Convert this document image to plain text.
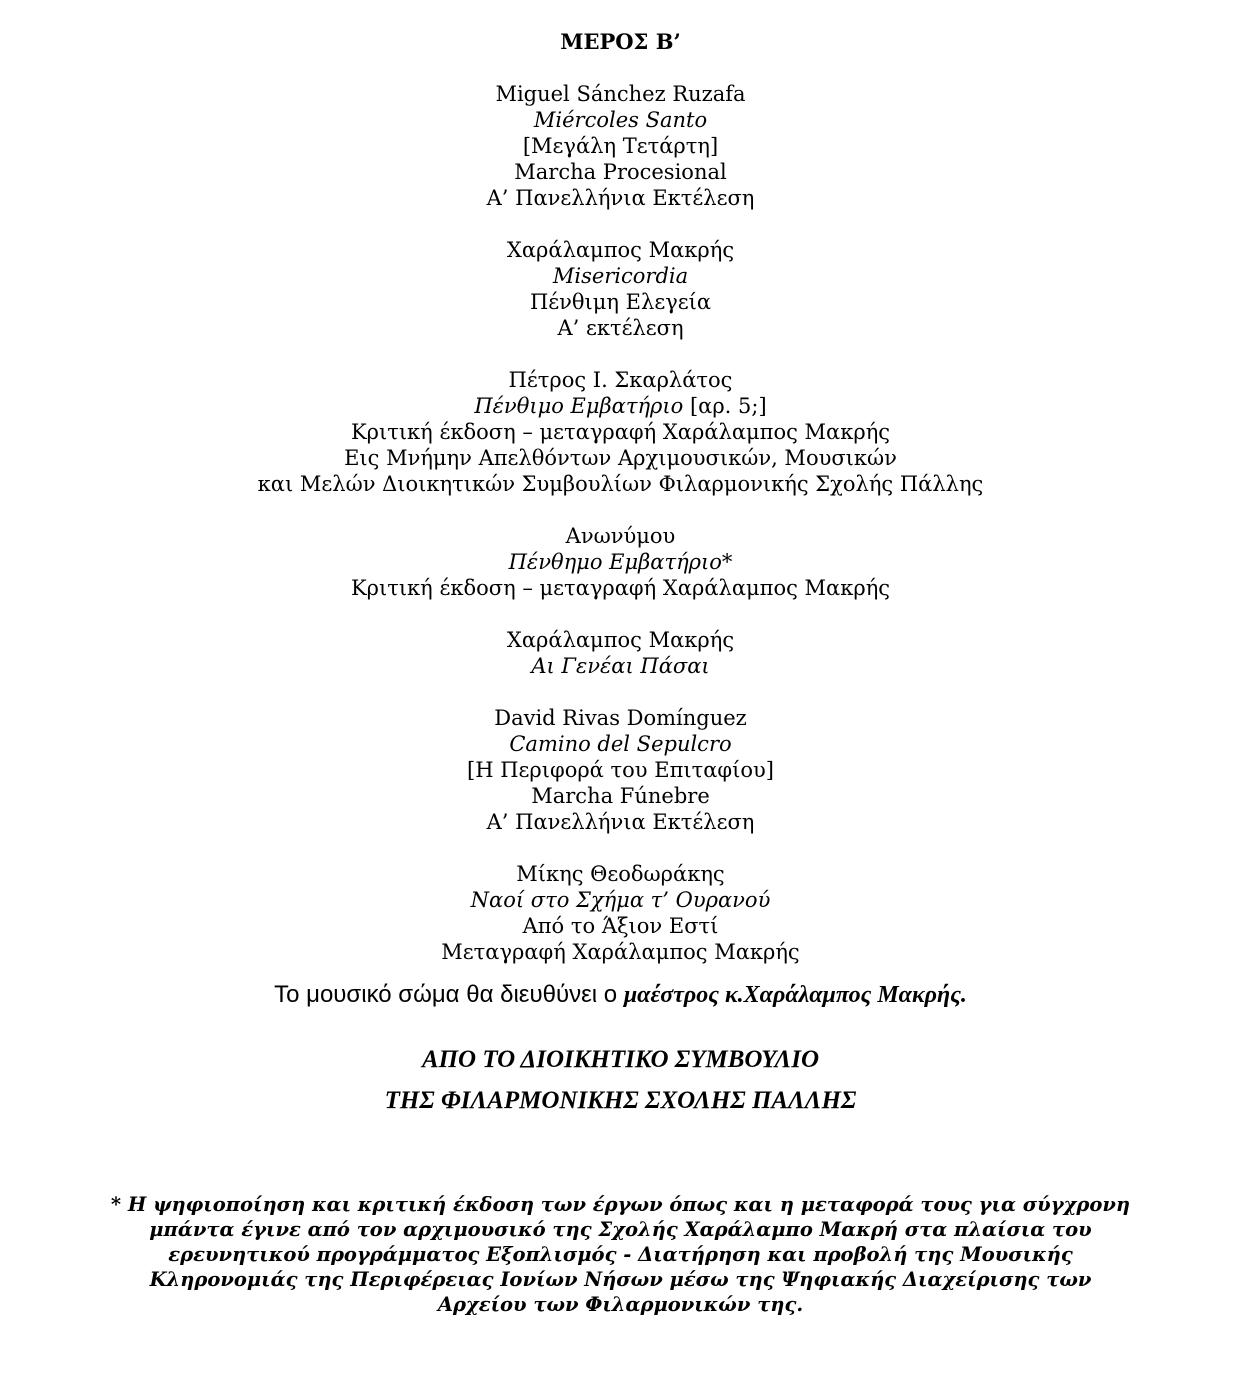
ΜΕΡΟΣ Β’
Miguel Sánchez Ruzafa
Miércoles Santo
[Μεγάλη Τετάρτη]
Marcha Procesional
Α’ Πανελλήνια Εκτέλεση
Χαράλαμπος Μακρής
Misericordia
Πένθιμη Ελεγεία
Α’ εκτέλεση
Πέτρος Ι. Σκαρλάτος
Πένθιμο Εμβατήριο [αρ. 5;]
Κριτική έκδοση – μεταγραφή Χαράλαμπος Μακρής
Εις Μνήμην Απελθόντων Αρχιμουσικών, Μουσικών
και Μελών Διοικητικών Συμβουλίων Φιλαρμονικής Σχολής Πάλλης
Ανωνύμου
Πένθημο Εμβατήριο*
Κριτική έκδοση – μεταγραφή Χαράλαμπος Μακρής
Χαράλαμπος Μακρής
Αι Γενέαι Πάσαι
David Rivas Domínguez
Camino del Sepulcro
[Η Περιφορά του Επιταφίου]
Marcha Fúnebre
Α’ Πανελλήνια Εκτέλεση
Μίκης Θεοδωράκης
Ναοί στο Σχήμα τ’ Ουρανού
Από το Άξιον Εστί
Μεταγραφή Χαράλαμπος Μακρής
Το μουσικό σώμα θα διευθύνει ο μαέστρος κ.Χαράλαμπος Μακρής.
ΑΠΟ ΤΟ ΔΙΟΙΚΗΤΙΚΟ ΣΥΜΒΟΥΛΙΟ
ΤΗΣ ΦΙΛΑΡΜΟΝΙΚΗΣ ΣΧΟΛΗΣ ΠΑΛΛΗΣ
* Η ψηφιοποίηση και κριτική έκδοση των έργων όπως και η μεταφορά τους για σύγχρονη
μπάντα έγινε από τον αρχιμουσικό της Σχολής Χαράλαμπο Μακρή στα πλαίσια του
ερευνητικού προγράμματος Εξοπλισμός - Διατήρηση και προβολή της Μουσικής
Κληρονομιάς της Περιφέρειας Ιονίων Νήσων μέσω της Ψηφιακής Διαχείρισης των
Αρχείου των Φιλαρμονικών της.
